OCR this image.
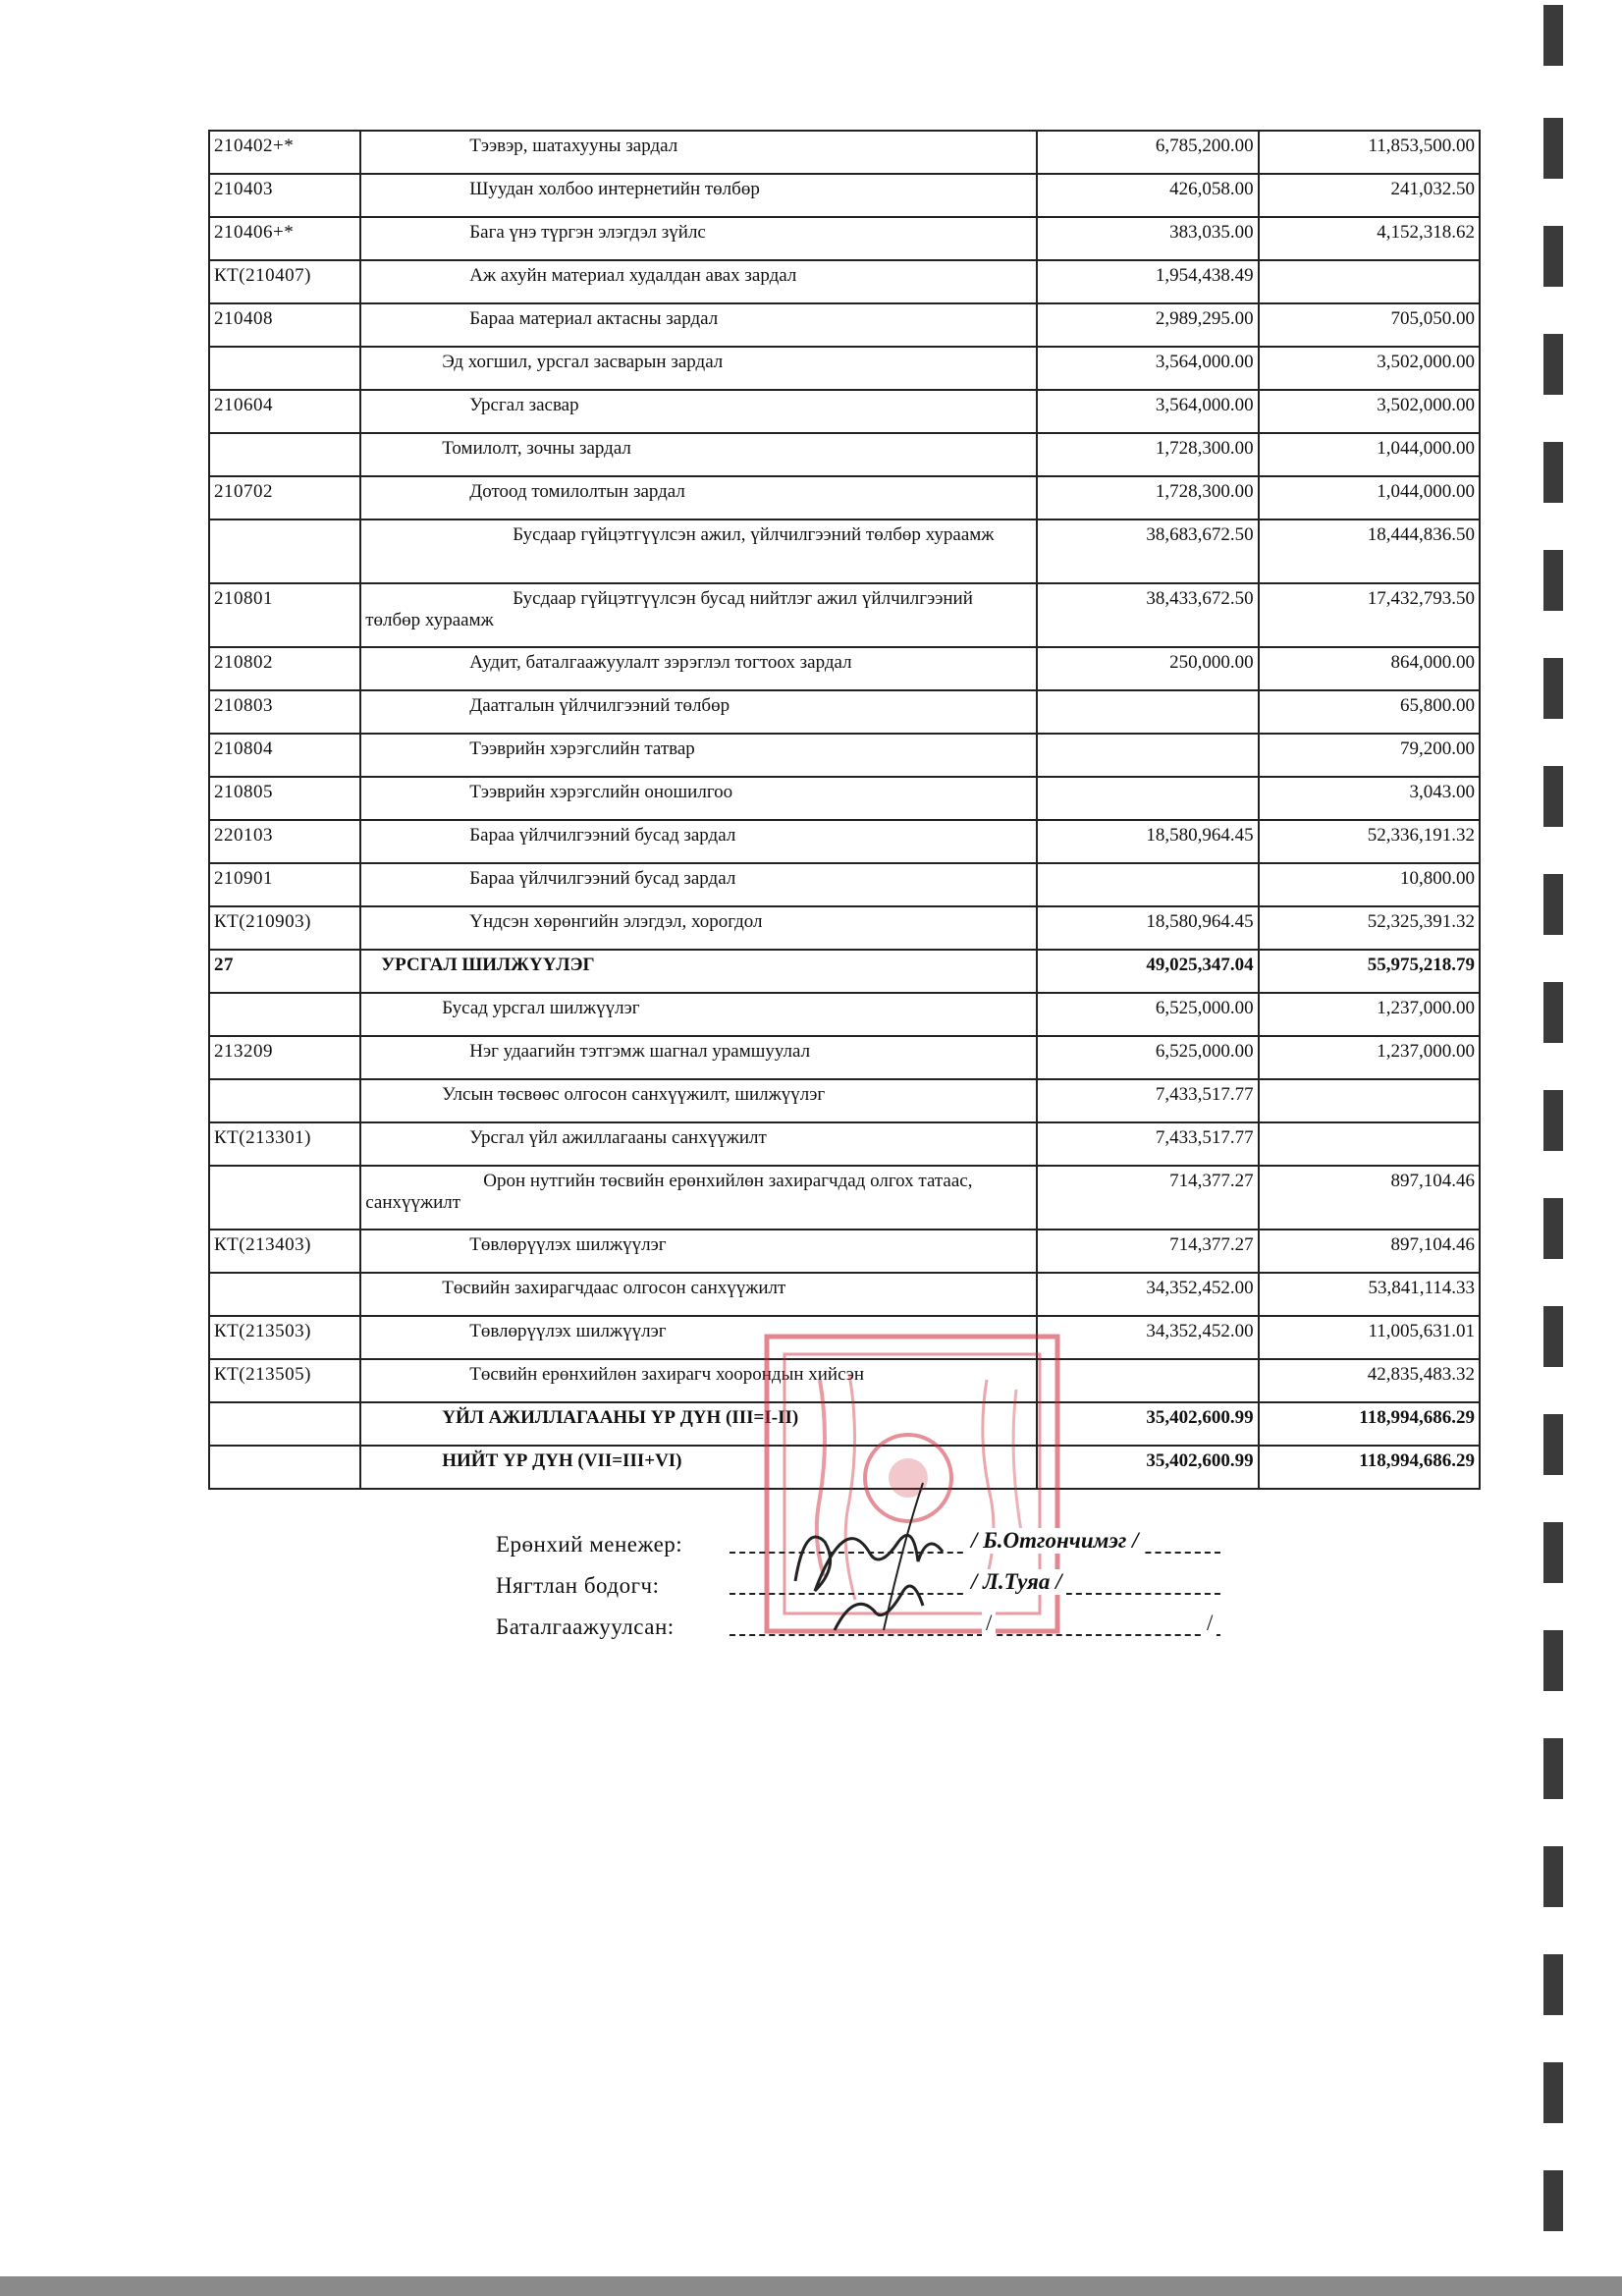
210402+*	Тээвэр, шатахууны зардал	6,785,200.00	11,853,500.00
210403	Шуудан холбоо интернетийн төлбөр	426,058.00	241,032.50
210406+*	Бага үнэ түргэн элэгдэл зүйлс	383,035.00	4,152,318.62
КТ(210407)	Аж ахуйн материал худалдан авах зардал	1,954,438.49	
210408	Бараа материал актасны зардал	2,989,295.00	705,050.00
	Эд хогшил, урсгал засварын зардал	3,564,000.00	3,502,000.00
210604	Урсгал засвар	3,564,000.00	3,502,000.00
	Томилолт, зочны зардал	1,728,300.00	1,044,000.00
210702	Дотоод томилолтын зардал	1,728,300.00	1,044,000.00
	Бусдаар гүйцэтгүүлсэн ажил, үйлчилгээний төлбөр хураамж	38,683,672.50	18,444,836.50
210801	Бусдаар гүйцэтгүүлсэн бусад нийтлэг ажил үйлчилгээний төлбөр хураамж	38,433,672.50	17,432,793.50
210802	Аудит, баталгаажуулалт зэрэглэл тогтоох зардал	250,000.00	864,000.00
210803	Даатгалын үйлчилгээний төлбөр		65,800.00
210804	Тээврийн хэрэгслийн татвар		79,200.00
210805	Тээврийн хэрэгслийн оношилгоо		3,043.00
220103	Бараа үйлчилгээний бусад зардал	18,580,964.45	52,336,191.32
210901	Бараа үйлчилгээний бусад зардал		10,800.00
КТ(210903)	Үндсэн хөрөнгийн элэгдэл, хорогдол	18,580,964.45	52,325,391.32
27	УРСГАЛ ШИЛЖҮҮЛЭГ	49,025,347.04	55,975,218.79
	Бусад урсгал шилжүүлэг	6,525,000.00	1,237,000.00
213209	Нэг удаагийн тэтгэмж шагнал урамшуулал	6,525,000.00	1,237,000.00
	Улсын төсвөөс олгосон санхүүжилт, шилжүүлэг	7,433,517.77	
КТ(213301)	Урсгал үйл ажиллагааны санхүүжилт	7,433,517.77	
	Орон нутгийн төсвийн ерөнхийлөн захирагчдад олгох татаас, санхүүжилт	714,377.27	897,104.46
КТ(213403)	Төвлөрүүлэх шилжүүлэг	714,377.27	897,104.46
	Төсвийн захирагчдаас олгосон санхүүжилт	34,352,452.00	53,841,114.33
КТ(213503)	Төвлөрүүлэх шилжүүлэг	34,352,452.00	11,005,631.01
КТ(213505)	Төсвийн ерөнхийлөн захирагч хоорондын хийсэн		42,835,483.32
	ҮЙЛ АЖИЛЛАГААНЫ ҮР ДҮН (III=I-II)	35,402,600.99	118,994,686.29
	НИЙТ ҮР ДҮН (VII=III+VI)	35,402,600.99	118,994,686.29
Ерөнхий менежер:	/ Б.Отгончимэг /
Нягтлан бодогч:	/ Л.Туяа /
Баталгаажуулсан:	/	/
